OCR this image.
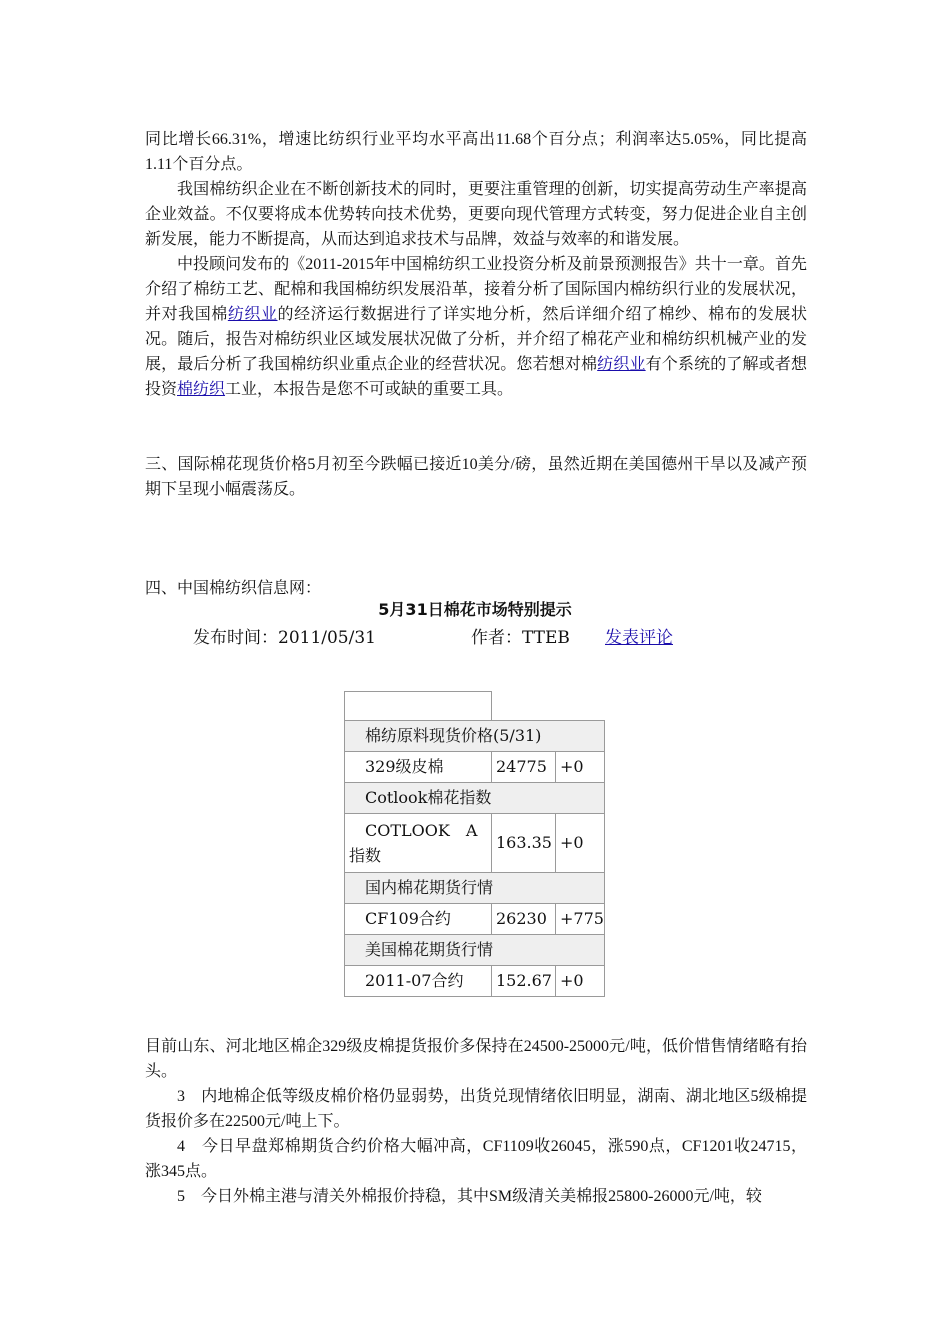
同比增长66.31%，增速比纺织行业平均水平高出11.68个百分点；利润率达5.05%，同比提高1.11个百分点。

我国棉纺织企业在不断创新技术的同时，更要注重管理的创新，切实提高劳动生产率提高企业效益。不仅要将成本优势转向技术优势，更要向现代管理方式转变，努力促进企业自主创新发展，能力不断提高，从而达到追求技术与品牌，效益与效率的和谐发展。

中投顾问发布的《2011-2015年中国棉纺织工业投资分析及前景预测报告》共十一章。首先介绍了棉纺工艺、配棉和我国棉纺织发展沿革，接着分析了国际国内棉纺织行业的发展状况，并对我国棉纺织业的经济运行数据进行了详实地分析，然后详细介绍了棉纱、棉布的发展状况。随后，报告对棉纺织业区域发展状况做了分析，并介绍了棉花产业和棉纺织机械产业的发展，最后分析了我国棉纺织业重点企业的经营状况。您若想对棉纺织业有个系统的了解或者想投资棉纺织工业，本报告是您不可或缺的重要工具。

三、国际棉花现货价格5月初至今跌幅已接近10美分/磅，虽然近期在美国德州干旱以及减产预期下呈现小幅震荡反。

四、中国棉纺织信息网：

5月31日棉花市场特别提示
发布时间：2011/05/31	作者：TTEB 发表评论

棉纺原料现货价格(5/31)		
329级皮棉	24775	+0
Cotlook棉花指数		
COTLOOK　A指数	163.35	+0
国内棉花期货行情		
CF109合约	26230	+775
美国棉花期货行情		
2011-07合约	152.67	+0

目前山东、河北地区棉企329级皮棉提货报价多保持在24500-25000元/吨，低价惜售情绪略有抬头。

3　内地棉企低等级皮棉价格仍显弱势，出货兑现情绪依旧明显，湖南、湖北地区5级棉提货报价多在22500元/吨上下。

4　今日早盘郑棉期货合约价格大幅冲高，CF1109收26045，涨590点，CF1201收24715，涨345点。

5　今日外棉主港与清关外棉报价持稳，其中SM级清关美棉报25800-26000元/吨，较
